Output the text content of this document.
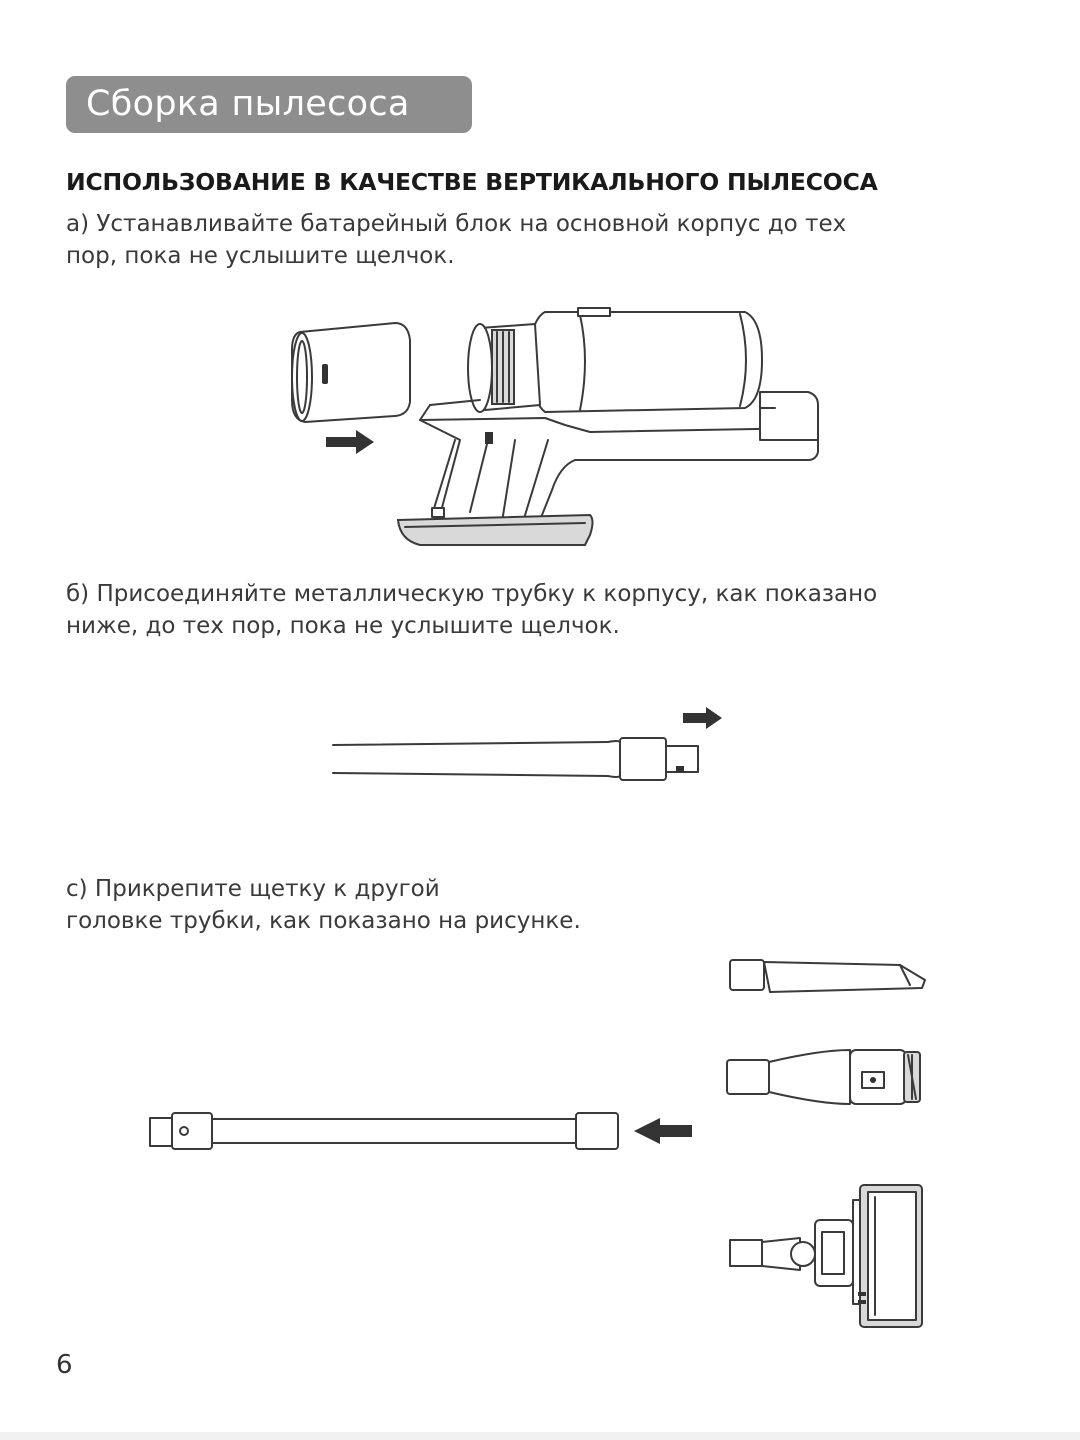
Сборка пылесоса
ИСПОЛЬЗОВАНИЕ В КАЧЕСТВЕ ВЕРТИКАЛЬНОГО ПЫЛЕСОСА
а) Устанавливайте батарейный блок на основной корпус до тех
пор, пока не услышите щелчок.
б) Присоединяйте металлическую трубку к корпусу, как показано
ниже, до тех пор, пока не услышите щелчок.
с) Прикрепите щетку к другой
головке трубки, как показано на рисунке.
6
